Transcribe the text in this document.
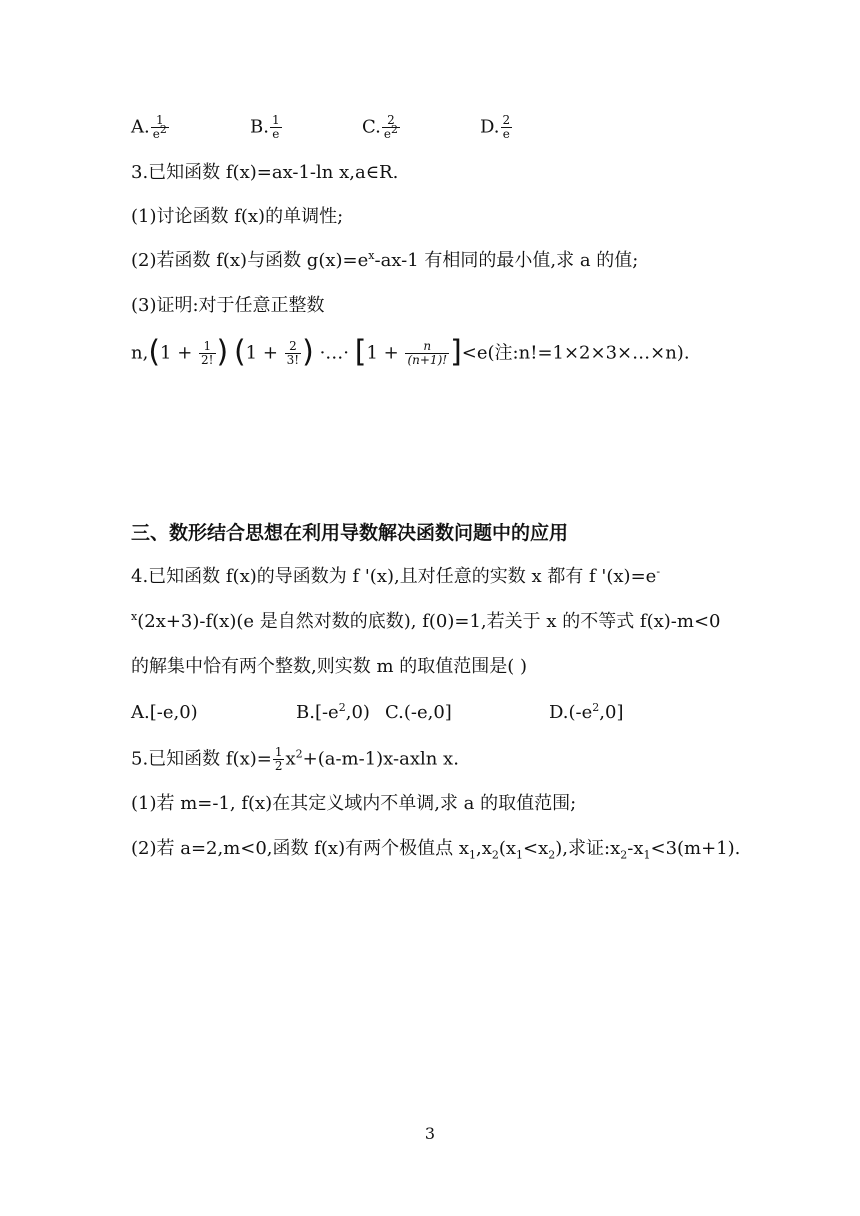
A. $\frac{1}{e^2}$	B. $\frac{1}{e}$	C. $\frac{2}{e^2}$	D. $\frac{2}{e}$
3.已知函数 f(x)=ax-1-ln x,a∈R.
(1)讨论函数 f(x)的单调性;
(2)若函数 f(x)与函数 $g(x)=e^x-ax-1$ 有相同的最小值,求 a 的值;
(3)证明:对于任意正整数
$n,(1 + \frac{1}{2!}$ ) ($1 + \frac{2}{3!}$ ) ·…· $[1 + \frac{n}{(n+1)!} ]<e$(注:n!=1×2×3×…×n).
三、数形结合思想在利用导数解决函数问题中的应用
4.已知函数 f(x)的导函数为 f '(x),且对任意的实数 x 都有 f '(x)=e-
$^x$(2x+3)-f(x)(e 是自然对数的底数), f(0)=1,若关于 x 的不等式 f(x)-m<0
的解集中恰有两个整数,则实数 m 的取值范围是( )
A.[-e,0)	$B.[-e^2,0)$ C.(-e,0]	$D.(-e^2,0]$
5.已知函数 $f(x)= \frac{1}{2} x^2+(a-m-1)x-axln$ x.
(1)若 m=-1, f(x)在其定义域内不单调,求 a 的取值范围;
(2)若 a=2,m<0,函数 f(x)有两个极值点 $x_1,x_2(x_1<x_2)$,求证$:x_2-x_1<3(m+1)$.
3
